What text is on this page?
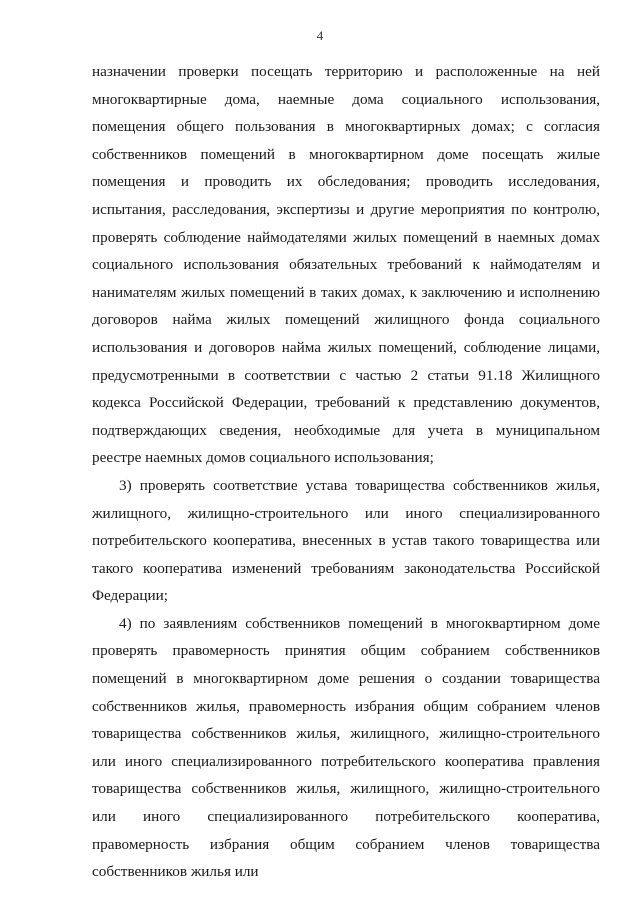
4

назначении проверки посещать территорию и расположенные на ней многоквартирные дома, наемные дома социального использования, помещения общего пользования в многоквартирных домах; с согласия собственников помещений в многоквартирном доме посещать жилые помещения и проводить их обследования; проводить исследования, испытания, расследования, экспертизы и другие мероприятия по контролю, проверять соблюдение наймодателями жилых помещений в наемных домах социального использования обязательных требований к наймодателям и нанимателям жилых помещений в таких домах, к заключению и исполнению договоров найма жилых помещений жилищного фонда социального использования и договоров найма жилых помещений, соблюдение лицами, предусмотренными в соответствии с частью 2 статьи 91.18 Жилищного кодекса Российской Федерации, требований к представлению документов, подтверждающих сведения, необходимые для учета в муниципальном реестре наемных домов социального использования;

3) проверять соответствие устава товарищества собственников жилья, жилищного, жилищно-строительного или иного специализированного потребительского кооператива, внесенных в устав такого товарищества или такого кооператива изменений требованиям законодательства Российской Федерации;

4) по заявлениям собственников помещений в многоквартирном доме проверять правомерность принятия общим собранием собственников помещений в многоквартирном доме решения о создании товарищества собственников жилья, правомерность избрания общим собранием членов товарищества собственников жилья, жилищного, жилищно-строительного или иного специализированного потребительского кооператива правления товарищества собственников жилья, жилищного, жилищно-строительного или иного специализированного потребительского кооператива, правомерность избрания общим собранием членов товарищества собственников жилья или
